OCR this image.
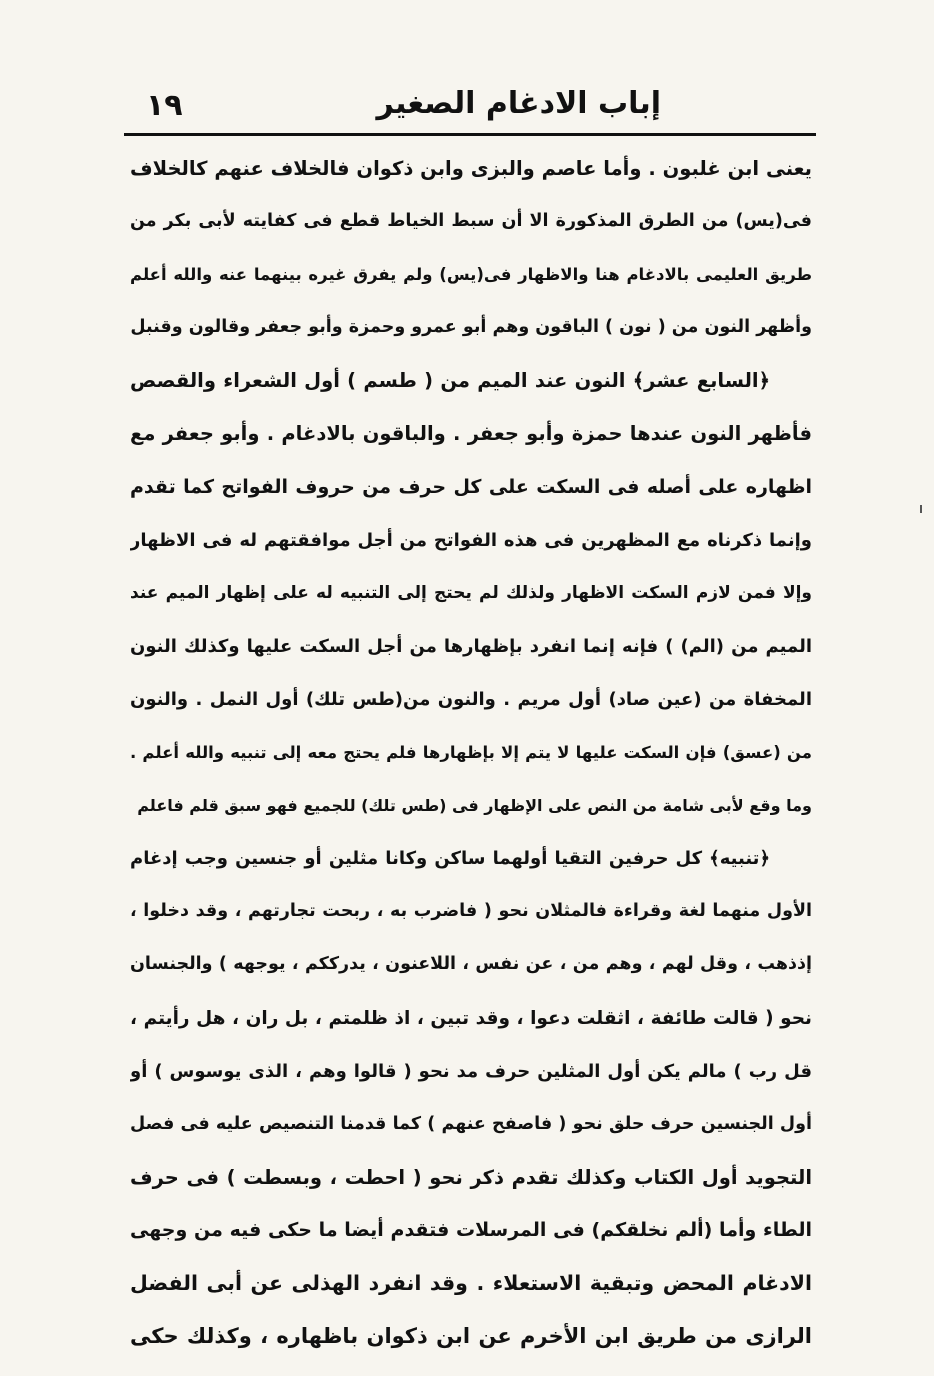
١٩	إباب الادغام الصغير
يعنى ابن غلبون . وأما عاصم والبزى وابن ذكوان فالخلاف عنهم كالخلاف
فى(يس) من الطرق المذكورة الا أن سبط الخياط قطع فى كفايته لأبى بكر من
طريق العليمى بالادغام هنا والاظهار فى(يس) ولم يفرق غيره بينهما عنه والله أعلم
وأظهر النون من ( نون ) الباقون وهم أبو عمرو وحمزة وأبو جعفر وقالون وقنبل
﴿السابع عشر﴾ النون عند الميم من ( طسم ) أول الشعراء والقصص
فأظهر النون عندها حمزة وأبو جعفر . والباقون بالادغام . وأبو جعفر مع
اظهاره على أصله فى السكت على كل حرف من حروف الفواتح كما تقدم
وإنما ذكرناه مع المظهرين فى هذه الفواتح من أجل موافقتهم له فى الاظهار
وإلا فمن لازم السكت الاظهار ولذلك لم يحتج إلى التنبيه له على إظهار الميم عند
الميم من (الم) ) فإنه إنما انفرد بإظهارها من أجل السكت عليها وكذلك النون
المخفاة من (عين صاد) أول مريم . والنون من(طس تلك) أول النمل . والنون
من (عسق) فإن السكت عليها لا يتم إلا بإظهارها فلم يحتج معه إلى تنبيه والله أعلم .
وما وقع لأبى شامة من النص على الإظهار فى (طس تلك) للجميع فهو سبق قلم فاعلم
﴿تنبيه﴾ كل حرفين التقيا أولهما ساكن وكانا مثلين أو جنسين وجب إدغام
الأول منهما لغة وقراءة فالمثلان نحو ( فاضرب به ، ربحت تجارتهم ، وقد دخلوا ،
إذذهب ، وقل لهم ، وهم من ، عن نفس ، اللاعنون ، يدرككم ، يوجهه ) والجنسان
نحو ( قالت طائفة ، اثقلت دعوا ، وقد تبين ، اذ ظلمتم ، بل ران ، هل رأيتم ،
قل رب ) مالم يكن أول المثلين حرف مد نحو ( قالوا وهم ، الذى يوسوس ) أو
أول الجنسين حرف حلق نحو ( فاصفح عنهم ) كما قدمنا التنصيص عليه فى فصل
التجويد أول الكتاب وكذلك تقدم ذكر نحو ( احطت ، وبسطت ) فى حرف
الطاء وأما (ألم نخلقكم) فى المرسلات فتقدم أيضا ما حكى فيه من وجهى
الادغام المحض وتبقية الاستعلاء . وقد انفرد الهذلى عن أبى الفضل
الرازى من طريق ابن الأخرم عن ابن ذكوان باظهاره ، وكذلك حكى
